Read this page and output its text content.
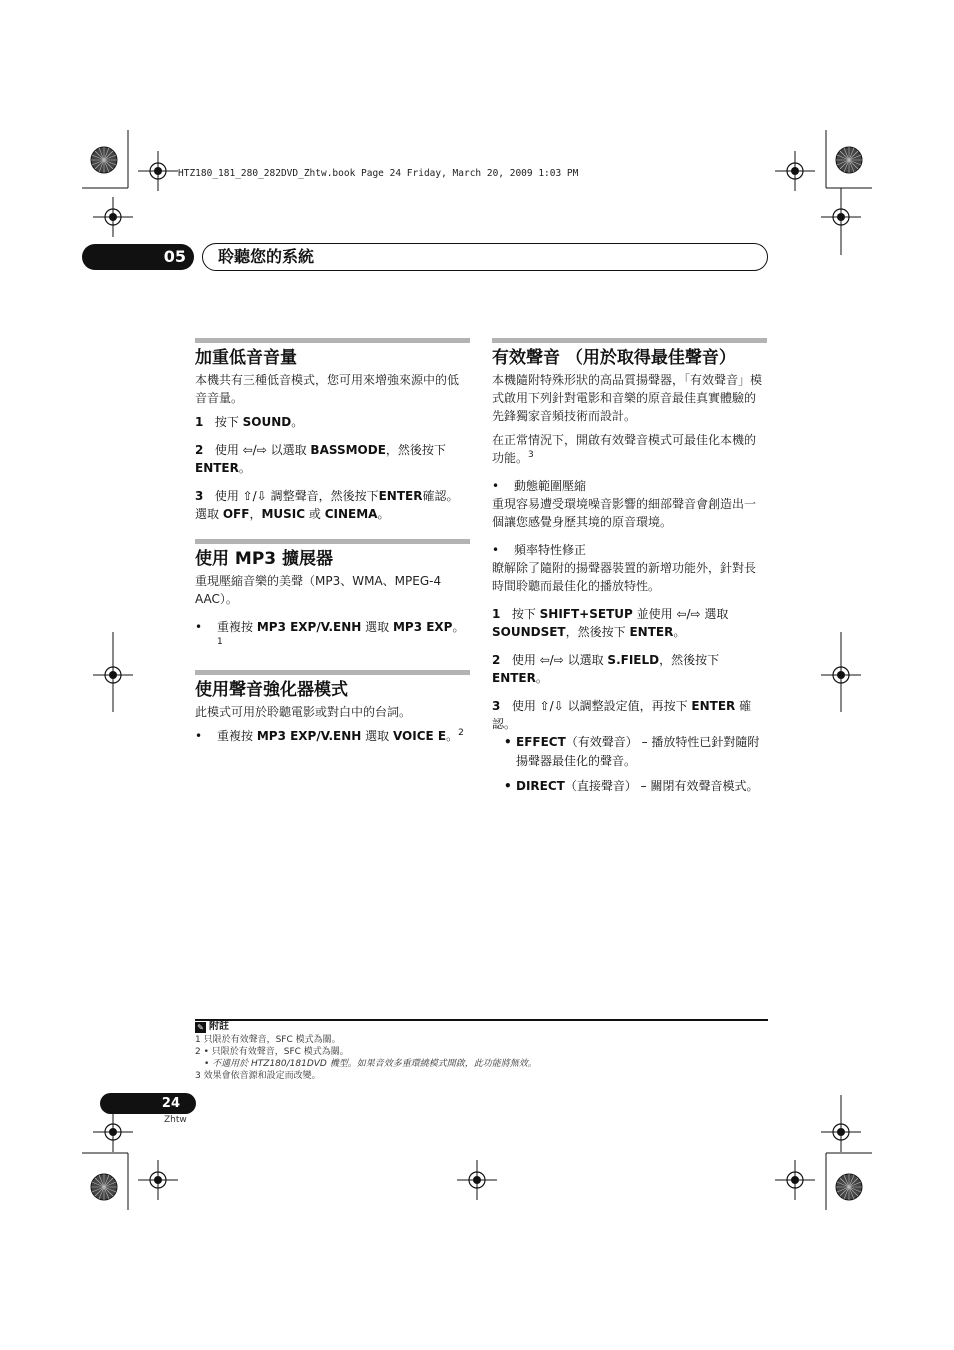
HTZ180_181_280_282DVD_Zhtw.book Page 24 Friday, March 20, 2009 1:03 PM
05	聆聽您的系統
加重低音音量
本機共有三種低音模式，您可用來增強來源中的低音音量。
1 按下 SOUND。
2 使用 ⇦/⇨ 以選取 BASSMODE，然後按下 ENTER。
3 使用 ⇧/⇩ 調整聲音，然後按下ENTER確認。選取 OFF，MUSIC 或 CINEMA。
使用 MP3 擴展器
重現壓縮音樂的美聲（MP3、WMA、MPEG-4 AAC）。
• 重複按 MP3 EXP/V.ENH 選取 MP3 EXP。$^1$
使用聲音強化器模式
此模式可用於聆聽電影或對白中的台詞。
• 重複按 MP3 EXP/V.ENH 選取 VOICE E。$^2$
有效聲音 （用於取得最佳聲音）
本機隨附特殊形狀的高品質揚聲器，「有效聲音」模式啟用下列針對電影和音樂的原音最佳真實體驗的先鋒獨家音頻技術而設計。
在正常情況下，開啟有效聲音模式可最佳化本機的功能。$^3$
• 動態範圍壓縮
重現容易遭受環境噪音影響的細部聲音會創造出一個讓您感覺身歷其境的原音環境。
• 頻率特性修正
瞭解除了隨附的揚聲器裝置的新增功能外，針對長時間聆聽而最佳化的播放特性。
1 按下 SHIFT+SETUP 並使用 ⇦/⇨ 選取 SOUNDSET，然後按下 ENTER。
2 使用 ⇦/⇨ 以選取 S.FIELD，然後按下 ENTER。
3 使用 ⇧/⇩ 以調整設定值，再按下 ENTER 確認。
• EFFECT（有效聲音） – 播放特性已針對隨附揚聲器最佳化的聲音。
• DIRECT（直接聲音） – 關閉有效聲音模式。
✎ 附註
1 只限於有效聲音，SFC 模式為關。
2 • 只限於有效聲音，SFC 模式為關。
• 不適用於 HTZ180/181DVD 機型。如果音效多重環繞模式開啟，此功能將無效。
3 效果會依音源和設定而改變。
24
Zhtw
